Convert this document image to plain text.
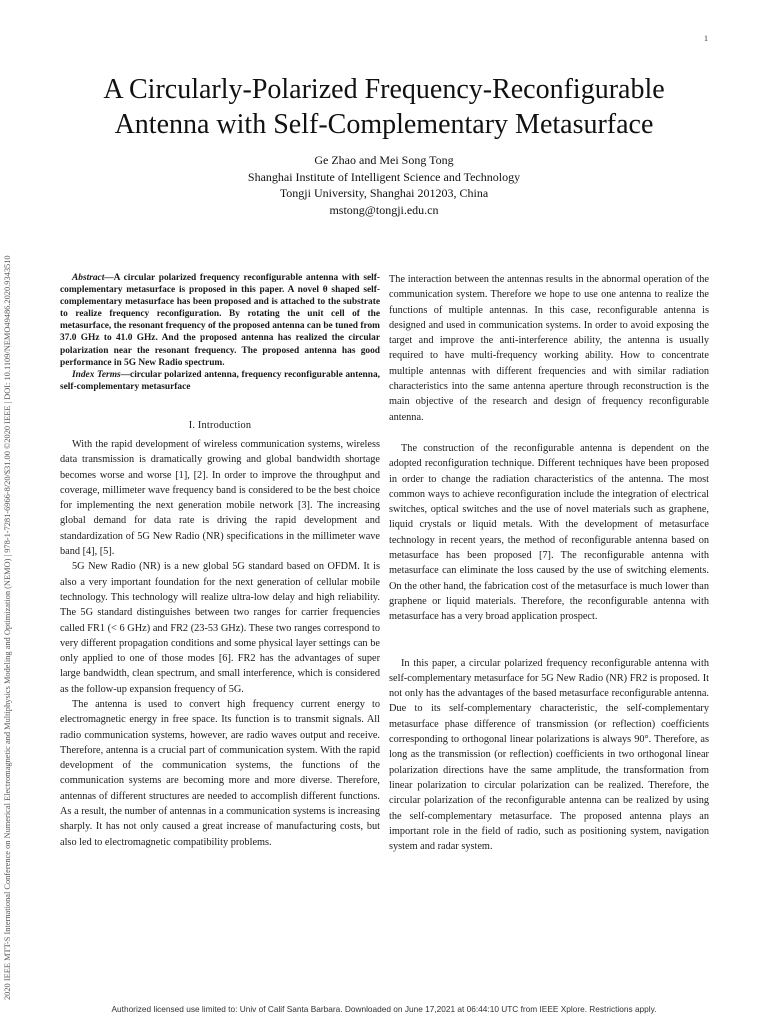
1
2020 IEEE MTT-S International Conference on Numerical Electromagnetic and Multiphysics Modeling and Optimization (NEMO) | 978-1-7281-6966-8/20/$31.00 ©2020 IEEE | DOI: 10.1109/NEMO49486.2020.9343510
A Circularly-Polarized Frequency-Reconfigurable
Antenna with Self-Complementary Metasurface
Ge Zhao and Mei Song Tong
Shanghai Institute of Intelligent Science and Technology
Tongji University, Shanghai 201203, China
mstong@tongji.edu.cn

Abstract—A circular polarized frequency reconfigurable antenna with self-complementary metasurface is proposed in this paper. A novel θ shaped self-complementary metasurface has been proposed and is attached to the substrate to realize frequency reconfiguration. By rotating the unit cell of the metasurface, the resonant frequency of the proposed antenna can be tuned from 37.0 GHz to 41.0 GHz. And the proposed antenna has realized the circular polarization near the resonant frequency. The proposed antenna has good performance in 5G New Radio spectrum.

Index Terms—circular polarized antenna, frequency reconfigurable antenna, self-complementary metasurface

I. Introduction

With the rapid development of wireless communication systems, wireless data transmission is dramatically growing and global bandwidth shortage becomes worse and worse [1], [2]. In order to improve the throughput and coverage, millimeter wave frequency band is considered to be the best choice for implementing the next generation mobile network [3]. The increasing global demand for data rate is driving the rapid development and standardization of 5G New Radio (NR) specifications in the millimeter wave band [4], [5].

5G New Radio (NR) is a new global 5G standard based on OFDM. It is also a very important foundation for the next generation of cellular mobile technology. This technology will realize ultra-low delay and high reliability. The 5G standard distinguishes between two ranges for carrier frequencies called FR1 (< 6 GHz) and FR2 (23-53 GHz). These two ranges correspond to very different propagation conditions and some physical layer settings can be only applied to one of those modes [6]. FR2 has the advantages of super large bandwidth, clean spectrum, and small interference, which is considered as the follow-up expansion frequency of 5G.

The antenna is used to convert high frequency current energy to electromagnetic energy in free space. Its function is to transmit signals. All radio communication systems, however, are radio waves output and receive. Therefore, antenna is a crucial part of communication system. With the rapid development of the communication systems, the functions of the communication systems are becoming more and more diverse. Therefore, antennas of different structures are needed to accomplish different functions. As a result, the number of antennas in a communication systems is increasing sharply. It has not only caused a great increase of manufacturing costs, but also led to electromagnetic compatibility problems.

The interaction between the antennas results in the abnormal operation of the communication system. Therefore we hope to use one antenna to realize the functions of multiple antennas. In this case, reconfigurable antenna is designed and used in communication systems. In order to avoid exposing the target and improve the anti-interference ability, the antenna is usually required to have multi-frequency working ability. How to concentrate multiple antennas with different frequencies and with similar radiation characteristics into the same antenna aperture through reconstruction is the main objective of the research and design of frequency reconfigurable antenna.

The construction of the reconfigurable antenna is dependent on the adopted reconfiguration technique. Different techniques have been proposed in order to change the radiation characteristics of the antenna. The most common ways to achieve reconfiguration include the integration of electrical switches, optical switches and the use of novel materials such as graphene, liquid crystals or liquid metals. With the development of metasurface technology in recent years, the method of reconfigurable antenna based on metasurface has been proposed [7]. The reconfigurable antenna with metasurface can eliminate the loss caused by the use of switching elements. On the other hand, the fabrication cost of the metasurface is much lower than graphene or liquid materials. Therefore, the reconfigurable antenna with metasurface has a very broad application prospect.

In this paper, a circular polarized frequency reconfigurable antenna with self-complementary metasurface for 5G New Radio (NR) FR2 is proposed. It not only has the advantages of the based metasurface reconfigurable antenna. Due to its self-complementary characteristic, the self-complementary metasurface phase difference of transmission (or reflection) coefficients corresponding to orthogonal linear polarizations is always 90°. Therefore, as long as the transmission (or reflection) coefficients in two orthogonal linear polarization directions have the same amplitude, the transformation from linear polarization to circular polarization can be realized. Therefore, the circular polarization of the reconfigurable antenna can be realized by using the self-complementary metasurface. The proposed antenna plays an important role in the field of radio, such as positioning system, navigation system and radar system.

Authorized licensed use limited to: Univ of Calif Santa Barbara. Downloaded on June 17,2021 at 06:44:10 UTC from IEEE Xplore. Restrictions apply.
